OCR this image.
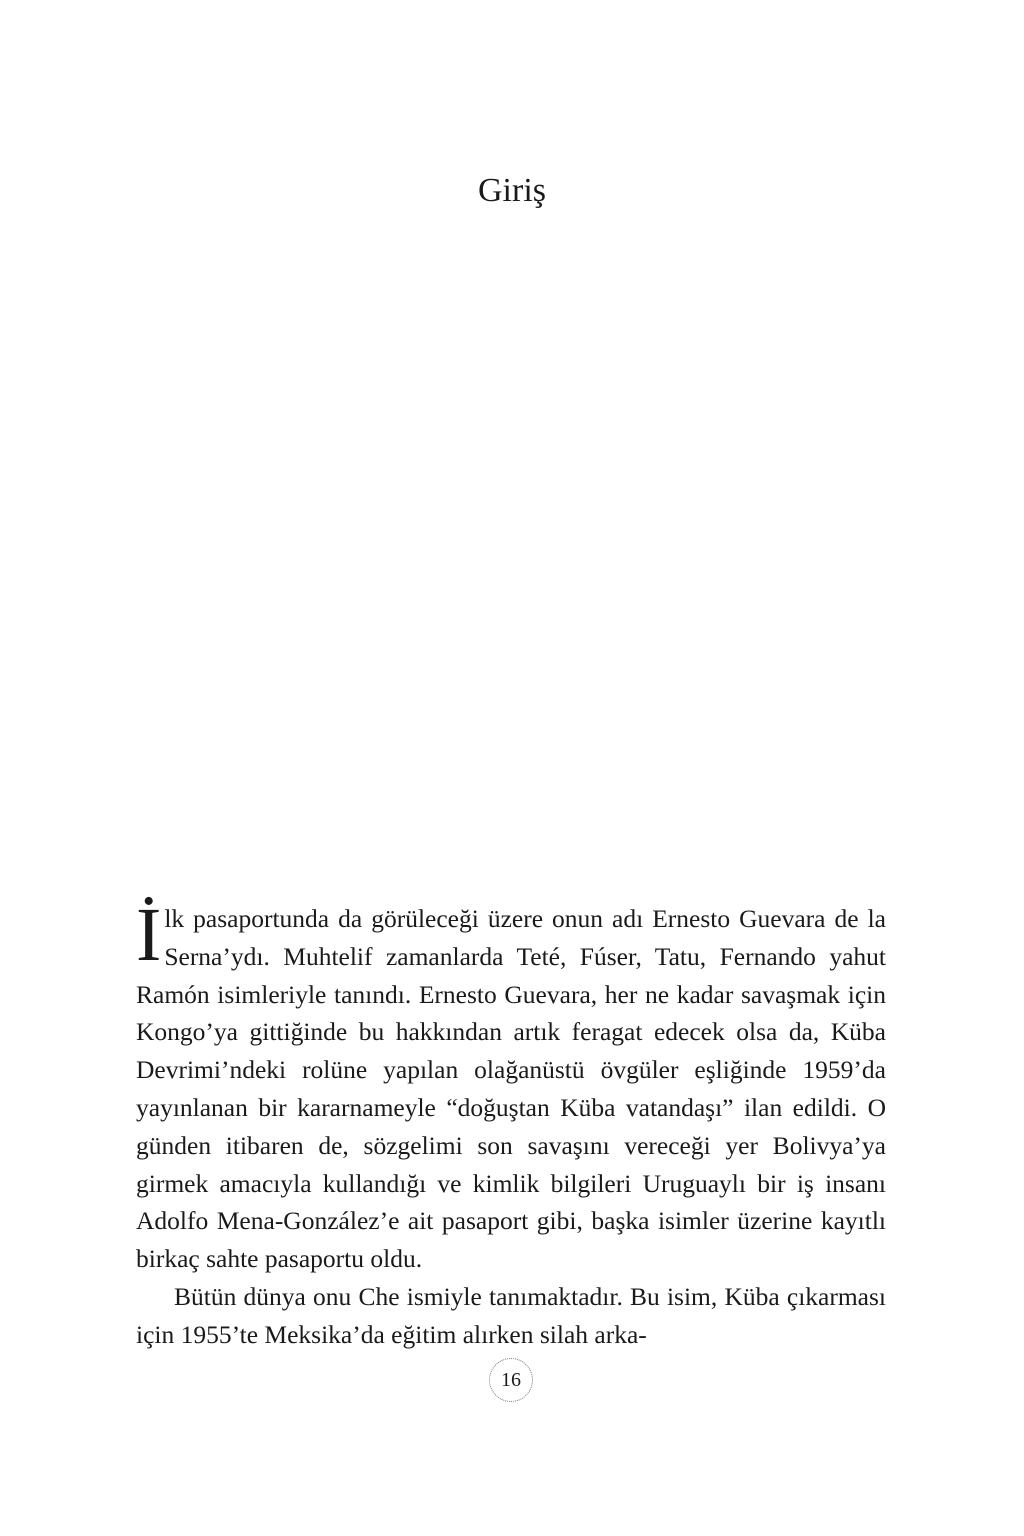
Giriş

İlk pasaportunda da görüleceği üzere onun adı Ernesto Guevara de la Serna’ydı. Muhtelif zamanlarda Teté, Fúser, Tatu, Fernando yahut Ramón isimleriyle tanındı. Ernesto Guevara, her ne kadar savaşmak için Kongo’ya gittiğinde bu hakkından artık feragat edecek olsa da, Küba Devrimi’ndeki rolüne yapılan olağanüstü övgüler eşliğinde 1959’da yayınlanan bir kararnameyle “doğuştan Küba vatandaşı” ilan edildi. O günden itibaren de, sözgelimi son savaşını vereceği yer Bolivya’ya girmek amacıyla kullandığı ve kimlik bilgileri Uruguaylı bir iş insanı Adolfo Mena-González’e ait pasaport gibi, başka isimler üzerine kayıtlı birkaç sahte pasaportu oldu.

Bütün dünya onu Che ismiyle tanımaktadır. Bu isim, Küba çıkarması için 1955’te Meksika’da eğitim alırken silah arka-

16
